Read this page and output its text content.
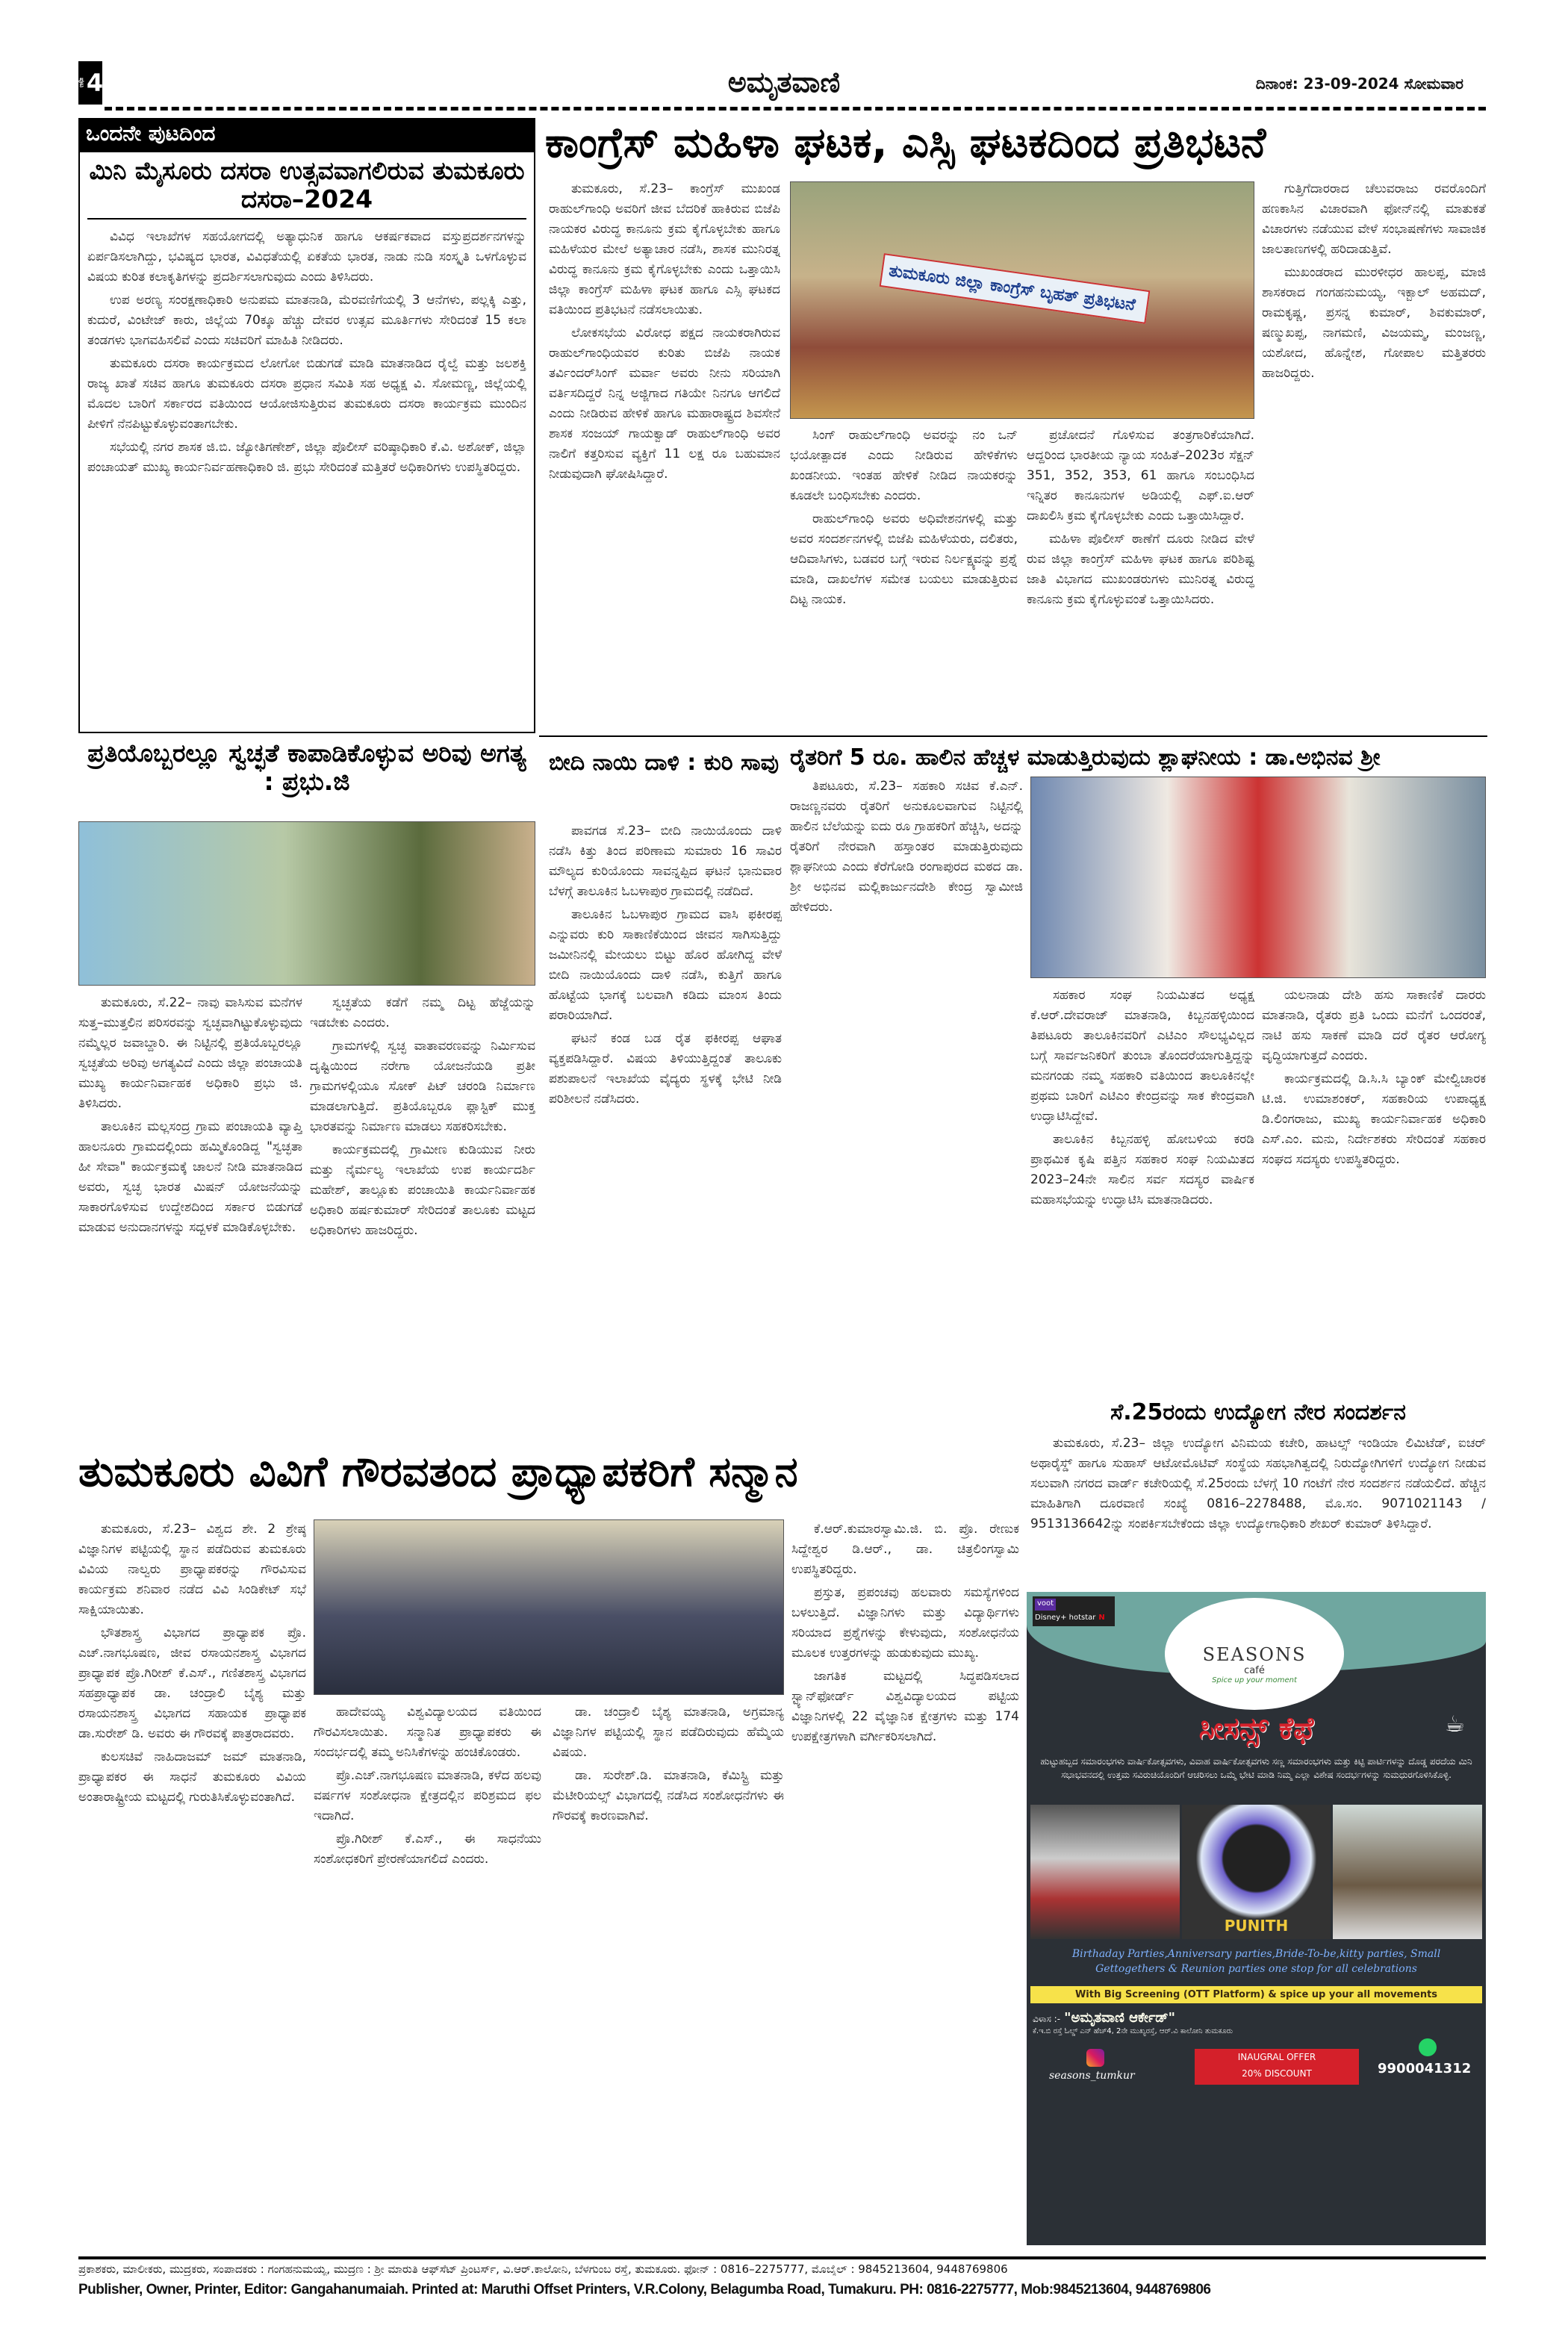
ಪುಟ 4	ಅಮೃತವಾಣಿ	ದಿನಾಂಕ: 23-09-2024 ಸೋಮವಾರ
ಒಂದನೇ ಪುಟದಿಂದ
ಮಿನಿ ಮೈಸೂರು ದಸರಾ ಉತ್ಸವವಾಗಲಿರುವ ತುಮಕೂರು ದಸರಾ–2024

ವಿವಿಧ ಇಲಾಖೆಗಳ ಸಹಯೋಗದಲ್ಲಿ ಅತ್ಯಾಧುನಿಕ ಹಾಗೂ ಆಕರ್ಷಕವಾದ ವಸ್ತುಪ್ರದರ್ಶನಗಳನ್ನು ಏರ್ಪಡಿಸಲಾಗಿದ್ದು, ಭವಿಷ್ಯದ ಭಾರತ, ವಿವಿಧತೆಯಲ್ಲಿ ಏಕತೆಯ ಭಾರತ, ನಾಡು ನುಡಿ ಸಂಸ್ಕೃತಿ ಒಳಗೊಳ್ಳುವ ವಿಷಯ ಕುರಿತ ಕಲಾಕೃತಿಗಳನ್ನು ಪ್ರದರ್ಶಿಸಲಾಗುವುದು ಎಂದು ತಿಳಿಸಿದರು.

ಉಪ ಅರಣ್ಯ ಸಂರಕ್ಷಣಾಧಿಕಾರಿ ಅನುಪಮ ಮಾತನಾಡಿ, ಮೆರವಣಿಗೆಯಲ್ಲಿ 3 ಆನೆಗಳು, ಪಲ್ಲಕ್ಕಿ ಎತ್ತು, ಕುದುರೆ, ವಿಂಟೇಜ್ ಕಾರು, ಜಿಲ್ಲೆಯ 70ಕ್ಕೂ ಹೆಚ್ಚು ದೇವರ ಉತ್ಸವ ಮೂರ್ತಿಗಳು ಸೇರಿದಂತೆ 15 ಕಲಾ ತಂಡಗಳು ಭಾಗವಹಿಸಲಿವೆ ಎಂದು ಸಚಿವರಿಗೆ ಮಾಹಿತಿ ನೀಡಿದರು.

ತುಮಕೂರು ದಸರಾ ಕಾರ್ಯಕ್ರಮದ ಲೋಗೋ ಬಿಡುಗಡೆ ಮಾಡಿ ಮಾತನಾಡಿದ ರೈಲ್ವೆ ಮತ್ತು ಜಲಶಕ್ತಿ ರಾಜ್ಯ ಖಾತೆ ಸಚಿವ ಹಾಗೂ ತುಮಕೂರು ದಸರಾ ಪ್ರಧಾನ ಸಮಿತಿ ಸಹ ಅಧ್ಯಕ್ಷ ವಿ. ಸೋಮಣ್ಣ, ಜಿಲ್ಲೆಯಲ್ಲಿ ಮೊದಲ ಬಾರಿಗೆ ಸರ್ಕಾರದ ವತಿಯಿಂದ ಆಯೋಜಿಸುತ್ತಿರುವ ತುಮಕೂರು ದಸರಾ ಕಾರ್ಯಕ್ರಮ ಮುಂದಿನ ಪೀಳಿಗೆ ನೆನಪಿಟ್ಟುಕೊಳ್ಳುವಂತಾಗಬೇಕು.

ಸಭೆಯಲ್ಲಿ ನಗರ ಶಾಸಕ ಜಿ.ಬಿ. ಜ್ಯೋತಿಗಣೇಶ್, ಜಿಲ್ಲಾ ಪೊಲೀಸ್ ವರಿಷ್ಠಾಧಿಕಾರಿ ಕೆ.ವಿ. ಅಶೋಕ್, ಜಿಲ್ಲಾ ಪಂಚಾಯತ್ ಮುಖ್ಯ ಕಾರ್ಯನಿರ್ವಹಣಾಧಿಕಾರಿ ಜಿ. ಪ್ರಭು ಸೇರಿದಂತೆ ಮತ್ತಿತರೆ ಅಧಿಕಾರಿಗಳು ಉಪಸ್ಥಿತರಿದ್ದರು.

ಕಾಂಗ್ರೆಸ್ ಮಹಿಳಾ ಘಟಕ, ಎಸ್ಸಿ ಘಟಕದಿಂದ ಪ್ರತಿಭಟನೆ

ತುಮಕೂರು, ಸೆ.23– ಕಾಂಗ್ರೆಸ್ ಮುಖಂಡ ರಾಹುಲ್‌ಗಾಂಧಿ ಅವರಿಗೆ ಜೀವ ಬೆದರಿಕೆ ಹಾಕಿರುವ ಬಿಜೆಪಿ ನಾಯಕರ ವಿರುದ್ಧ ಕಾನೂನು ಕ್ರಮ ಕೈಗೊಳ್ಳಬೇಕು ಹಾಗೂ ಮಹಿಳೆಯರ ಮೇಲೆ ಅತ್ಯಾಚಾರ ನಡೆಸಿ, ಶಾಸಕ ಮುನಿರತ್ನ ವಿರುದ್ಧ ಕಾನೂನು ಕ್ರಮ ಕೈಗೊಳ್ಳಬೇಕು ಎಂದು ಒತ್ತಾಯಿಸಿ ಜಿಲ್ಲಾ ಕಾಂಗ್ರೆಸ್ ಮಹಿಳಾ ಘಟಕ ಹಾಗೂ ಎಸ್ಸಿ ಘಟಕದ ವತಿಯಿಂದ ಪ್ರತಿಭಟನೆ ನಡೆಸಲಾಯಿತು.

ಲೋಕಸಭೆಯ ವಿರೋಧ ಪಕ್ಷದ ನಾಯಕರಾಗಿರುವ ರಾಹುಲ್‌ಗಾಂಧಿಯವರ ಕುರಿತು ಬಿಜೆಪಿ ನಾಯಕ ತರ್ವಿಂದರ್‌ಸಿಂಗ್ ಮರ್ವಾ ಅವರು ನೀನು ಸರಿಯಾಗಿ ವರ್ತಿಸದಿದ್ದರೆ ನಿನ್ನ ಅಜ್ಜಿಗಾದ ಗತಿಯೇ ನಿನಗೂ ಆಗಲಿದೆ ಎಂದು ನೀಡಿರುವ ಹೇಳಿಕೆ ಹಾಗೂ ಮಹಾರಾಷ್ಟ್ರದ ಶಿವಸೇನೆ ಶಾಸಕ ಸಂಜಯ್ ಗಾಯಕ್ವಾಡ್ ರಾಹುಲ್‌ಗಾಂಧಿ ಅವರ ನಾಲಿಗೆ ಕತ್ತರಿಸುವ ವ್ಯಕ್ತಿಗೆ 11 ಲಕ್ಷ ರೂ ಬಹುಮಾನ ನೀಡುವುದಾಗಿ ಘೋಷಿಸಿದ್ದಾರೆ.

ತುಮಕೂರು ಜಿಲ್ಲಾ ಕಾಂಗ್ರೆಸ್ ಬೃಹತ್ ಪ್ರತಿಭಟನೆ

ಸಿಂಗ್ ರಾಹುಲ್‌ಗಾಂಧಿ ಅವರನ್ನು ನಂ ಒನ್ ಭಯೋತ್ಪಾದಕ ಎಂದು ನೀಡಿರುವ ಹೇಳಿಕೆಗಳು ಖಂಡನೀಯ. ಇಂತಹ ಹೇಳಿಕೆ ನೀಡಿದ ನಾಯಕರನ್ನು ಕೂಡಲೇ ಬಂಧಿಸಬೇಕು ಎಂದರು.

ರಾಹುಲ್‌ಗಾಂಧಿ ಅವರು ಅಧಿವೇಶನಗಳಲ್ಲಿ ಮತ್ತು ಅವರ ಸಂದರ್ಶನಗಳಲ್ಲಿ ಬಿಜೆಪಿ ಮಹಿಳೆಯರು, ದಲಿತರು, ಆದಿವಾಸಿಗಳು, ಬಡವರ ಬಗ್ಗೆ ಇರುವ ನಿರ್ಲಕ್ಷ್ಯವನ್ನು ಪ್ರಶ್ನೆ ಮಾಡಿ, ದಾಖಲೆಗಳ ಸಮೇತ ಬಯಲು ಮಾಡುತ್ತಿರುವ ದಿಟ್ಟ ನಾಯಕ.

ಪ್ರಚೋದನೆ ಗೊಳಿಸುವ ತಂತ್ರಗಾರಿಕೆಯಾಗಿದೆ. ಆದ್ದರಿಂದ ಭಾರತೀಯ ನ್ಯಾಯ ಸಂಹಿತೆ–2023ರ ಸೆಕ್ಷನ್ 351, 352, 353, 61 ಹಾಗೂ ಸಂಬಂಧಿಸಿದ ಇನ್ನಿತರ ಕಾನೂನುಗಳ ಅಡಿಯಲ್ಲಿ ಎಫ್.ಐ.ಆರ್ ದಾಖಲಿಸಿ ಕ್ರಮ ಕೈಗೊಳ್ಳಬೇಕು ಎಂದು ಒತ್ತಾಯಿಸಿದ್ದಾರೆ.

ಮಹಿಳಾ ಪೊಲೀಸ್ ಠಾಣೆಗೆ ದೂರು ನೀಡಿದ ವೇಳೆ ರುವ ಜಿಲ್ಲಾ ಕಾಂಗ್ರೆಸ್ ಮಹಿಳಾ ಘಟಕ ಹಾಗೂ ಪರಿಶಿಷ್ಟ ಜಾತಿ ವಿಭಾಗದ ಮುಖಂಡರುಗಳು ಮುನಿರತ್ನ ವಿರುದ್ಧ ಕಾನೂನು ಕ್ರಮ ಕೈಗೊಳ್ಳುವಂತೆ ಒತ್ತಾಯಿಸಿದರು.

ಗುತ್ತಿಗೆದಾರರಾದ ಚೆಲುವರಾಜು ರವರೊಂದಿಗೆ ಹಣಕಾಸಿನ ವಿಚಾರವಾಗಿ ಫೋನ್‌ನಲ್ಲಿ ಮಾತುಕತೆ ವಿಚಾರಗಳು ನಡೆಯುವ ವೇಳೆ ಸಂಭಾಷಣೆಗಳು ಸಾವಾಜಿಕ ಜಾಲತಾಣಗಳಲ್ಲಿ ಹರಿದಾಡುತ್ತಿವೆ.

ಮುಖಂಡರಾದ ಮುರಳೀಧರ ಹಾಲಪ್ಪ, ಮಾಜಿ ಶಾಸಕರಾದ ಗಂಗಹನುಮಯ್ಯ, ಇಕ್ಬಾಲ್ ಅಹಮದ್, ರಾಮಕೃಷ್ಣ, ಪ್ರಸನ್ನ ಕುಮಾರ್, ಶಿವಕುಮಾರ್, ಷಣ್ಮುಖಪ್ಪ, ನಾಗಮಣಿ, ವಿಜಯಮ್ಮ, ಮಂಜಣ್ಣ, ಯಶೋದ, ಹೊನ್ನೇಶ, ಗೋಪಾಲ ಮತ್ತಿತರರು ಹಾಜರಿದ್ದರು.

ಪ್ರತಿಯೊಬ್ಬರಲ್ಲೂ ಸ್ವಚ್ಛತೆ ಕಾಪಾಡಿಕೊಳ್ಳುವ ಅರಿವು ಅಗತ್ಯ : ಪ್ರಭು.ಜಿ

ತುಮಕೂರು, ಸೆ.22– ನಾವು ವಾಸಿಸುವ ಮನೆಗಳ ಸುತ್ತ–ಮುತ್ತಲಿನ ಪರಿಸರವನ್ನು ಸ್ವಚ್ಛವಾಗಿಟ್ಟುಕೊಳ್ಳುವುದು ನಮ್ಮೆಲ್ಲರ ಜವಾಬ್ದಾರಿ. ಈ ನಿಟ್ಟಿನಲ್ಲಿ ಪ್ರತಿಯೊಬ್ಬರಲ್ಲೂ ಸ್ವಚ್ಛತೆಯ ಅರಿವು ಅಗತ್ಯವಿದೆ ಎಂದು ಜಿಲ್ಲಾ ಪಂಚಾಯತಿ ಮುಖ್ಯ ಕಾರ್ಯನಿರ್ವಾಹಕ ಅಧಿಕಾರಿ ಪ್ರಭು ಜಿ. ತಿಳಿಸಿದರು.

ತಾಲೂಕಿನ ಮಲ್ಲಸಂದ್ರ ಗ್ರಾಮ ಪಂಚಾಯತಿ ವ್ಯಾಪ್ತಿ ಹಾಲನೂರು ಗ್ರಾಮದಲ್ಲಿಂದು ಹಮ್ಮಿಕೊಂಡಿದ್ದ "ಸ್ವಚ್ಛತಾ ಹೀ ಸೇವಾ" ಕಾರ್ಯಕ್ರಮಕ್ಕೆ ಚಾಲನೆ ನೀಡಿ ಮಾತನಾಡಿದ ಅವರು, ಸ್ವಚ್ಛ ಭಾರತ ಮಿಷನ್ ಯೋಜನೆಯನ್ನು ಸಾಕಾರಗೊಳಿಸುವ ಉದ್ದೇಶದಿಂದ ಸರ್ಕಾರ ಬಿಡುಗಡೆ ಮಾಡುವ ಅನುದಾನಗಳನ್ನು ಸದ್ಬಳಕೆ ಮಾಡಿಕೊಳ್ಳಬೇಕು.

ಸ್ವಚ್ಛತೆಯ ಕಡೆಗೆ ನಮ್ಮ ದಿಟ್ಟ ಹೆಜ್ಜೆಯನ್ನು ಇಡಬೇಕು ಎಂದರು.

ಗ್ರಾಮಗಳಲ್ಲಿ ಸ್ವಚ್ಛ ವಾತಾವರಣವನ್ನು ನಿರ್ಮಿಸುವ ದೃಷ್ಟಿಯಿಂದ ನರೇಗಾ ಯೋಜನೆಯಡಿ ಪ್ರತೀ ಗ್ರಾಮಗಳಲ್ಲಿಯೂ ಸೋಕ್ ಪಿಟ್ ಚರಂಡಿ ನಿರ್ಮಾಣ ಮಾಡಲಾಗುತ್ತಿದೆ. ಪ್ರತಿಯೊಬ್ಬರೂ ಪ್ಲಾಸ್ಟಿಕ್ ಮುಕ್ತ ಭಾರತವನ್ನು ನಿರ್ಮಾಣ ಮಾಡಲು ಸಹಕರಿಸಬೇಕು.

ಕಾರ್ಯಕ್ರಮದಲ್ಲಿ ಗ್ರಾಮೀಣ ಕುಡಿಯುವ ನೀರು ಮತ್ತು ನೈರ್ಮಲ್ಯ ಇಲಾಖೆಯ ಉಪ ಕಾರ್ಯದರ್ಶಿ ಮಹೇಶ್, ತಾಲ್ಲೂಕು ಪಂಚಾಯಿತಿ ಕಾರ್ಯನಿರ್ವಾಹಕ ಅಧಿಕಾರಿ ಹರ್ಷಕುಮಾರ್ ಸೇರಿದಂತೆ ತಾಲೂಕು ಮಟ್ಟದ ಅಧಿಕಾರಿಗಳು ಹಾಜರಿದ್ದರು.

ಬೀದಿ ನಾಯಿ ದಾಳಿ : ಕುರಿ ಸಾವು

ಪಾವಗಡ ಸೆ.23– ಬೀದಿ ನಾಯಿಯೊಂದು ದಾಳಿ ನಡೆಸಿ ಕಿತ್ತು ತಿಂದ ಪರಿಣಾಮ ಸುಮಾರು 16 ಸಾವಿರ ಮೌಲ್ಯದ ಕುರಿಯೊಂದು ಸಾವನ್ನಪ್ಪಿದ ಘಟನೆ ಭಾನುವಾರ ಬೆಳಗ್ಗೆ ತಾಲೂಕಿನ ಓಬಳಾಪುರ ಗ್ರಾಮದಲ್ಲಿ ನಡೆದಿದೆ.

ತಾಲೂಕಿನ ಓಬಳಾಪುರ ಗ್ರಾಮದ ವಾಸಿ ಫಕೀರಪ್ಪ ಎನ್ನುವರು ಕುರಿ ಸಾಕಾಣಿಕೆಯಿಂದ ಜೀವನ ಸಾಗಿಸುತ್ತಿದ್ದು ಜಮೀನಿನಲ್ಲಿ ಮೇಯಲು ಬಿಟ್ಟು ಹೊರ ಹೋಗಿದ್ದ ವೇಳೆ ಬೀದಿ ನಾಯಿಯೊಂದು ದಾಳಿ ನಡೆಸಿ, ಕುತ್ತಿಗೆ ಹಾಗೂ ಹೊಟ್ಟೆಯ ಭಾಗಕ್ಕೆ ಬಲವಾಗಿ ಕಡಿದು ಮಾಂಸ ತಿಂದು ಪರಾರಿಯಾಗಿದೆ.

ಘಟನೆ ಕಂಡ ಬಡ ರೈತ ಫಕೀರಪ್ಪ ಆಘಾತ ವ್ಯಕ್ತಪಡಿಸಿದ್ದಾರೆ. ವಿಷಯ ತಿಳಿಯುತ್ತಿದ್ದಂತೆ ತಾಲೂಕು ಪಶುಪಾಲನೆ ಇಲಾಖೆಯ ವೈದ್ಯರು ಸ್ಥಳಕ್ಕೆ ಭೇಟಿ ನೀಡಿ ಪರಿಶೀಲನೆ ನಡೆಸಿದರು.

ರೈತರಿಗೆ 5 ರೂ. ಹಾಲಿನ ಹೆಚ್ಚಳ ಮಾಡುತ್ತಿರುವುದು ಶ್ಲಾಘನೀಯ : ಡಾ.ಅಭಿನವ ಶ್ರೀ

ತಿಪಟೂರು, ಸೆ.23– ಸಹಕಾರಿ ಸಚಿವ ಕೆ.ಎನ್. ರಾಜಣ್ಣನವರು ರೈತರಿಗೆ ಅನುಕೂಲವಾಗುವ ನಿಟ್ಟಿನಲ್ಲಿ ಹಾಲಿನ ಬೆಲೆಯನ್ನು ಐದು ರೂ ಗ್ರಾಹಕರಿಗೆ ಹೆಚ್ಚಿಸಿ, ಅದನ್ನು ರೈತರಿಗೆ ನೇರವಾಗಿ ಹಸ್ತಾಂತರ ಮಾಡುತ್ತಿರುವುದು ಶ್ಲಾಘನೀಯ ಎಂದು ಕೆರೆಗೋಡಿ ರಂಗಾಪುರದ ಮಠದ ಡಾ. ಶ್ರೀ ಅಭಿನವ ಮಲ್ಲಿಕಾರ್ಜುನದೇಶಿ ಕೇಂದ್ರ ಸ್ವಾಮೀಜಿ ಹೇಳಿದರು.

ಸಹಕಾರ ಸಂಘ ನಿಯಮಿತದ ಅಧ್ಯಕ್ಷ ಕೆ.ಆರ್.ದೇವರಾಜ್ ಮಾತನಾಡಿ, ಕಿಬ್ಬನಹಳ್ಳಿಯಿಂದ ತಿಪಟೂರು ತಾಲೂಕಿನವರಿಗೆ ಎಟಿಎಂ ಸೌಲಭ್ಯವಿಲ್ಲದ ಬಗ್ಗೆ ಸಾರ್ವಜನಿಕರಿಗೆ ತುಂಬಾ ತೊಂದರೆಯಾಗುತ್ತಿದ್ದನ್ನು ಮನಗಂಡು ನಮ್ಮ ಸಹಕಾರಿ ವತಿಯಿಂದ ತಾಲೂಕಿನಲ್ಲೇ ಪ್ರಥಮ ಬಾರಿಗೆ ಎಟಿಎಂ ಕೇಂದ್ರವನ್ನು ಸಾಕ ಕೇಂದ್ರವಾಗಿ ಉದ್ಘಾಟಿಸಿದ್ದೇವೆ.

ತಾಲೂಕಿನ ಕಿಬ್ಬನಹಳ್ಳಿ ಹೋಬಳಿಯ ಕರಡಿ ಪ್ರಾಥಮಿಕ ಕೃಷಿ ಪತ್ತಿನ ಸಹಕಾರ ಸಂಘ ನಿಯಮಿತದ 2023–24ನೇ ಸಾಲಿನ ಸರ್ವ ಸದಸ್ಯರ ವಾರ್ಷಿಕ ಮಹಾಸಭೆಯನ್ನು ಉದ್ಘಾಟಿಸಿ ಮಾತನಾಡಿದರು.

ಯಲನಾಡು ದೇಶಿ ಹಸು ಸಾಕಾಣಿಕೆ ದಾರರು ಮಾತನಾಡಿ, ರೈತರು ಪ್ರತಿ ಒಂದು ಮನೆಗೆ ಒಂದರಂತೆ, ನಾಟಿ ಹಸು ಸಾಕಣೆ ಮಾಡಿ ದರೆ ರೈತರ ಆರೋಗ್ಯ ವೃದ್ಧಿಯಾಗುತ್ತದೆ ಎಂದರು.

ಕಾರ್ಯಕ್ರಮದಲ್ಲಿ ಡಿ.ಸಿ.ಸಿ ಬ್ಯಾಂಕ್ ಮೇಲ್ವಿಚಾರಕ ಟಿ.ಜಿ. ಉಮಾಶಂಕರ್, ಸಹಕಾರಿಯ ಉಪಾಧ್ಯಕ್ಷ ಡಿ.ಲಿಂಗರಾಜು, ಮುಖ್ಯ ಕಾರ್ಯನಿರ್ವಾಹಕ ಅಧಿಕಾರಿ ಎಸ್.ಎಂ. ಮನು, ನಿರ್ದೇಶಕರು ಸೇರಿದಂತೆ ಸಹಕಾರ ಸಂಘದ ಸದಸ್ಯರು ಉಪಸ್ಥಿತರಿದ್ದರು.

ಸೆ.25ರಂದು ಉದ್ಯೋಗ ನೇರ ಸಂದರ್ಶನ

ತುಮಕೂರು, ಸೆ.23– ಜಿಲ್ಲಾ ಉದ್ಯೋಗ ವಿನಿಮಯ ಕಚೇರಿ, ಹಾಟಲ್ಸ್ ಇಂಡಿಯಾ ಲಿಮಿಟೆಡ್, ಐಚರ್ ಅಥಾರೈಸ್ಡ್ ಹಾಗೂ ಸುಹಾಸ್ ಆಟೋಮೊಟಿವ್ ಸಂಸ್ಥೆಯ ಸಹಭಾಗಿತ್ವದಲ್ಲಿ ನಿರುದ್ಯೋಗಿಗಳಿಗೆ ಉದ್ಯೋಗ ನೀಡುವ ಸಲುವಾಗಿ ನಗರದ ವಾರ್ಡ್ ಕಚೇರಿಯಲ್ಲಿ ಸೆ.25ರಂದು ಬೆಳಗ್ಗೆ 10 ಗಂಟೆಗೆ ನೇರ ಸಂದರ್ಶನ ನಡೆಯಲಿದೆ. ಹೆಚ್ಚಿನ ಮಾಹಿತಿಗಾಗಿ ದೂರವಾಣಿ ಸಂಖ್ಯೆ 0816–2278488, ಮೊ.ಸಂ. 9071021143 / 9513136642ನ್ನು ಸಂಪರ್ಕಿಸಬೇಕೆಂದು ಜಿಲ್ಲಾ ಉದ್ಯೋಗಾಧಿಕಾರಿ ಶೇಖರ್ ಕುಮಾರ್ ತಿಳಿಸಿದ್ದಾರೆ.

ತುಮಕೂರು ವಿವಿಗೆ ಗೌರವತಂದ ಪ್ರಾಧ್ಯಾಪಕರಿಗೆ ಸನ್ಮಾನ

ತುಮಕೂರು, ಸೆ.23– ವಿಶ್ವದ ಶೇ. 2 ಶ್ರೇಷ್ಠ ವಿಜ್ಞಾನಿಗಳ ಪಟ್ಟಿಯಲ್ಲಿ ಸ್ಥಾನ ಪಡೆದಿರುವ ತುಮಕೂರು ವಿವಿಯ ನಾಲ್ವರು ಪ್ರಾಧ್ಯಾಪಕರನ್ನು ಗೌರವಿಸುವ ಕಾರ್ಯಕ್ರಮ ಶನಿವಾರ ನಡೆದ ವಿವಿ ಸಿಂಡಿಕೇಟ್ ಸಭೆ ಸಾಕ್ಷಿಯಾಯಿತು.

ಭೌತಶಾಸ್ತ್ರ ವಿಭಾಗದ ಪ್ರಾಧ್ಯಾಪಕ ಪ್ರೊ. ಎಚ್.ನಾಗಭೂಷಣ, ಜೀವ ರಸಾಯನಶಾಸ್ತ್ರ ವಿಭಾಗದ ಪ್ರಾಧ್ಯಾಪಕ ಪ್ರೊ.ಗಿರೀಶ್ ಕೆ.ಎಸ್., ಗಣಿತಶಾಸ್ತ್ರ ವಿಭಾಗದ ಸಹಪ್ರಾಧ್ಯಾಪಕ ಡಾ. ಚಂದ್ರಾಲಿ ಬೈಶ್ಯ ಮತ್ತು ರಸಾಯನಶಾಸ್ತ್ರ ವಿಭಾಗದ ಸಹಾಯಕ ಪ್ರಾಧ್ಯಾಪಕ ಡಾ.ಸುರೇಶ್ ಡಿ. ಅವರು ಈ ಗೌರವಕ್ಕೆ ಪಾತ್ರರಾದವರು.

ಕುಲಸಚಿವೆ ನಾಹಿದಾಜಮ್ ಜಮ್ ಮಾತನಾಡಿ, ಪ್ರಾಧ್ಯಾಪಕರ ಈ ಸಾಧನೆ ತುಮಕೂರು ವಿವಿಯ ಅಂತಾರಾಷ್ಟ್ರೀಯ ಮಟ್ಟದಲ್ಲಿ ಗುರುತಿಸಿಕೊಳ್ಳುವಂತಾಗಿದೆ.

ಹಾದೇವಯ್ಯ ವಿಶ್ವವಿದ್ಯಾಲಯದ ವತಿಯಿಂದ ಗೌರವಿಸಲಾಯಿತು. ಸನ್ಮಾನಿತ ಪ್ರಾಧ್ಯಾಪಕರು ಈ ಸಂದರ್ಭದಲ್ಲಿ ತಮ್ಮ ಅನಿಸಿಕೆಗಳನ್ನು ಹಂಚಿಕೊಂಡರು.

ಪ್ರೊ.ಎಚ್.ನಾಗಭೂಷಣ ಮಾತನಾಡಿ, ಕಳೆದ ಹಲವು ವರ್ಷಗಳ ಸಂಶೋಧನಾ ಕ್ಷೇತ್ರದಲ್ಲಿನ ಪರಿಶ್ರಮದ ಫಲ ಇದಾಗಿದೆ.

ಪ್ರೊ.ಗಿರೀಶ್ ಕೆ.ಎಸ್., ಈ ಸಾಧನೆಯು ಸಂಶೋಧಕರಿಗೆ ಪ್ರೇರಣೆಯಾಗಲಿದೆ ಎಂದರು.

ಡಾ. ಚಂದ್ರಾಲಿ ಬೈಶ್ಯ ಮಾತನಾಡಿ, ಅಗ್ರಮಾನ್ಯ ವಿಜ್ಞಾನಿಗಳ ಪಟ್ಟಿಯಲ್ಲಿ ಸ್ಥಾನ ಪಡೆದಿರುವುದು ಹೆಮ್ಮೆಯ ವಿಷಯ.

ಡಾ. ಸುರೇಶ್.ಡಿ. ಮಾತನಾಡಿ, ಕೆಮಿಸ್ಟ್ರಿ ಮತ್ತು ಮೆಟೀರಿಯಲ್ಸ್ ವಿಭಾಗದಲ್ಲಿ ನಡೆಸಿದ ಸಂಶೋಧನೆಗಳು ಈ ಗೌರವಕ್ಕೆ ಕಾರಣವಾಗಿವೆ.

ಕೆ.ಆರ್.ಕುಮಾರಸ್ವಾಮಿ.ಜಿ. ಬಿ. ಪ್ರೊ. ರೇಣುಕ ಸಿದ್ದೇಶ್ವರ ಡಿ.ಆರ್., ಡಾ. ಚಿತ್ರಲಿಂಗಸ್ವಾಮಿ ಉಪಸ್ಥಿತರಿದ್ದರು.

ಪ್ರಸ್ತುತ, ಪ್ರಪಂಚವು ಹಲವಾರು ಸಮಸ್ಯೆಗಳಿಂದ ಬಳಲುತ್ತಿದೆ. ವಿಜ್ಞಾನಿಗಳು ಮತ್ತು ವಿದ್ಯಾರ್ಥಿಗಳು ಸರಿಯಾದ ಪ್ರಶ್ನೆಗಳನ್ನು ಕೇಳುವುದು, ಸಂಶೋಧನೆಯ ಮೂಲಕ ಉತ್ತರಗಳನ್ನು ಹುಡುಕುವುದು ಮುಖ್ಯ.

ಜಾಗತಿಕ ಮಟ್ಟದಲ್ಲಿ ಸಿದ್ಧಪಡಿಸಲಾದ ಸ್ಟ್ಯಾನ್‌ಫೋರ್ಡ್ ವಿಶ್ವವಿದ್ಯಾಲಯದ ಪಟ್ಟಿಯ ವಿಜ್ಞಾನಿಗಳಲ್ಲಿ 22 ವೈಜ್ಞಾನಿಕ ಕ್ಷೇತ್ರಗಳು ಮತ್ತು 174 ಉಪಕ್ಷೇತ್ರಗಳಾಗಿ ವರ್ಗೀಕರಿಸಲಾಗಿದೆ.

voot
Disney+ hotstar N
SEASONS
café
Spice up your moment
☕
ಸೀಸನ್ಸ್ ಕೆಫೆ
ಹುಟ್ಟುಹಬ್ಬದ ಸಮಾರಂಭಗಳು ವಾರ್ಷಿಕೋತ್ಸವಗಳು, ವಿವಾಹ ವಾರ್ಷಿಕೋತ್ಸವಗಳು ಸಣ್ಣ ಸಮಾರಂಭಗಳು ಮತ್ತು ಕಿಟ್ಟಿ ಪಾರ್ಟಿಗಳನ್ನು ದೊಡ್ಡ ಪರದೆಯ ಮಿನಿ ಸಭಾಭವನದಲ್ಲಿ ಉತ್ತಮ ಸವಿರುಚಿಯೊಂದಿಗೆ ಆಚರಿಸಲು ಒಮ್ಮೆ ಭೇಟಿ ಮಾಡಿ ನಿಮ್ಮ ಎಲ್ಲಾ ವಿಶೇಷ ಸಂದರ್ಭಗಳನ್ನು ಸುಮಧುರಗೊಳಿಸಿಕೊಳ್ಳಿ.
PUNITH
Birthaday Parties,Anniversary parties,Bride-To-be,kitty parties, Small Gettogethers & Reunion parties one stop for all celebrations
With Big Screening (OTT Platform) & spice up your all movements
ವಿಳಾಸ :- "ಅಮೃತವಾಣಿ ಆರ್ಕೇಡ್"
ಕೆ.ಇ.ಬಿ ರಸ್ತೆ ಓಲ್ಡ್ ಎನ್ ಹೆಚ್4, 2ನೇ ಮುಖ್ಯರಸ್ತೆ, ಆರ್.ವಿ ಕಾಲೋನಿ ತುಮಕೂರು
seasons_tumkur
INAUGRAL OFFER
20% DISCOUNT	9900041312
ಪ್ರಕಾಶಕರು, ಮಾಲೀಕರು, ಮುದ್ರಕರು, ಸಂಪಾದಕರು : ಗಂಗಹನುಮಯ್ಯ, ಮುದ್ರಣ : ಶ್ರೀ ಮಾರುತಿ ಆಫ್‌ಸೆಟ್ ಪ್ರಿಂಟರ್ಸ್, ವಿ.ಆರ್.ಕಾಲೋನಿ, ಬೆಳಗುಂಬ ರಸ್ತೆ, ತುಮಕೂರು. ಫೋನ್ : 0816–2275777, ಮೊಬೈಲ್ : 9845213604, 9448769806
Publisher, Owner, Printer, Editor: Gangahanumaiah. Printed at: Maruthi Offset Printers, V.R.Colony, Belagumba Road, Tumakuru. PH: 0816-2275777, Mob:9845213604, 9448769806
